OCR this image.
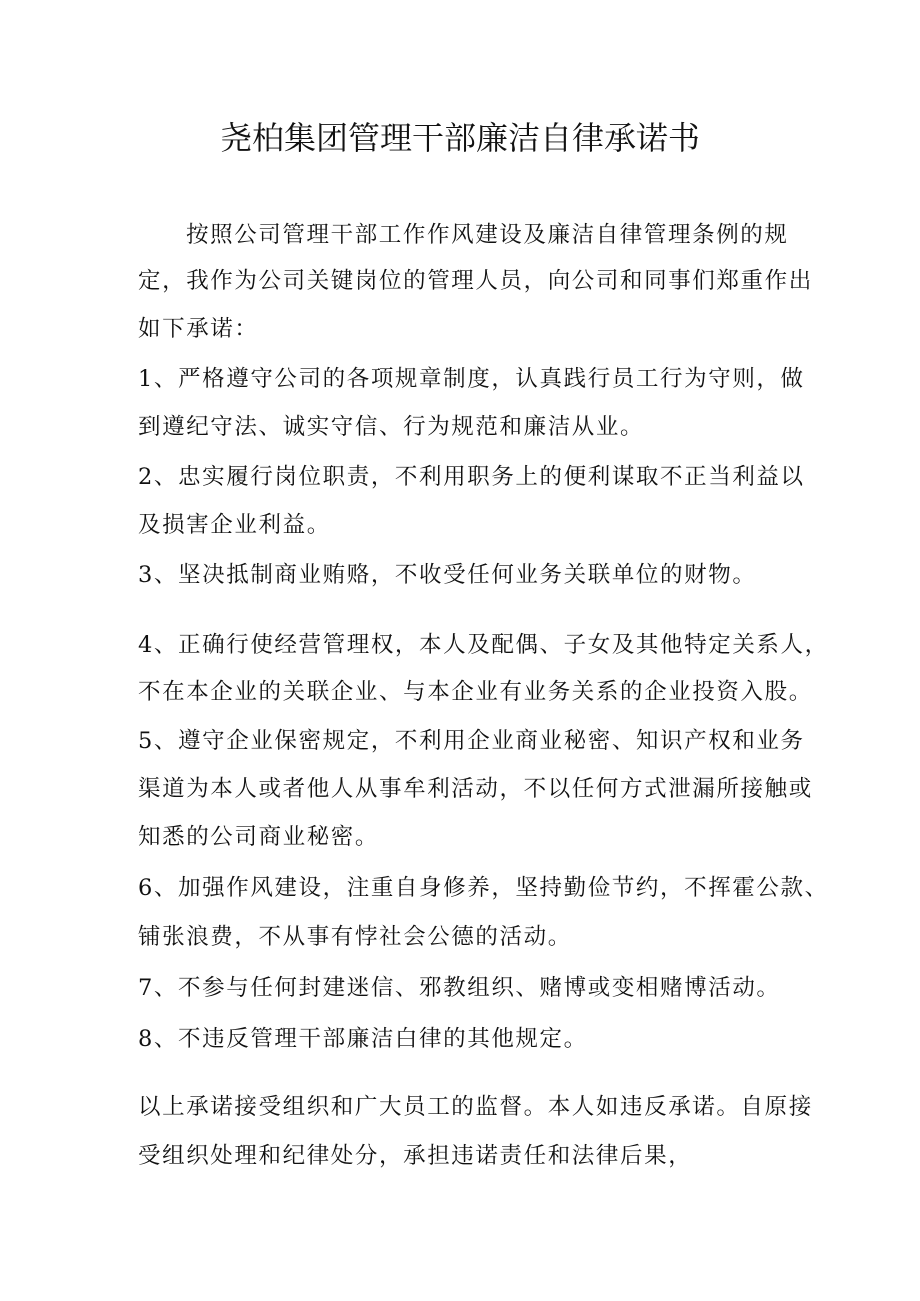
尧柏集团管理干部廉洁自律承诺书
按照公司管理干部工作作风建设及廉洁自律管理条例的规
定，我作为公司关键岗位的管理人员，向公司和同事们郑重作出
如下承诺：
1、严格遵守公司的各项规章制度，认真践行员工行为守则，做
到遵纪守法、诚实守信、行为规范和廉洁从业。
2、忠实履行岗位职责，不利用职务上的便利谋取不正当利益以
及损害企业利益。
3、坚决抵制商业贿赂，不收受任何业务关联单位的财物。
4、正确行使经营管理权，本人及配偶、子女及其他特定关系人，
不在本企业的关联企业、与本企业有业务关系的企业投资入股。
5、遵守企业保密规定，不利用企业商业秘密、知识产权和业务
渠道为本人或者他人从事牟利活动，不以任何方式泄漏所接触或
知悉的公司商业秘密。
6、加强作风建设，注重自身修养，坚持勤俭节约，不挥霍公款、
铺张浪费，不从事有悖社会公德的活动。
7、不参与任何封建迷信、邪教组织、赌博或变相赌博活动。
8、不违反管理干部廉洁白律的其他规定。
以上承诺接受组织和广大员工的监督。本人如违反承诺。自原接
受组织处理和纪律处分，承担违诺责任和法律后果，
